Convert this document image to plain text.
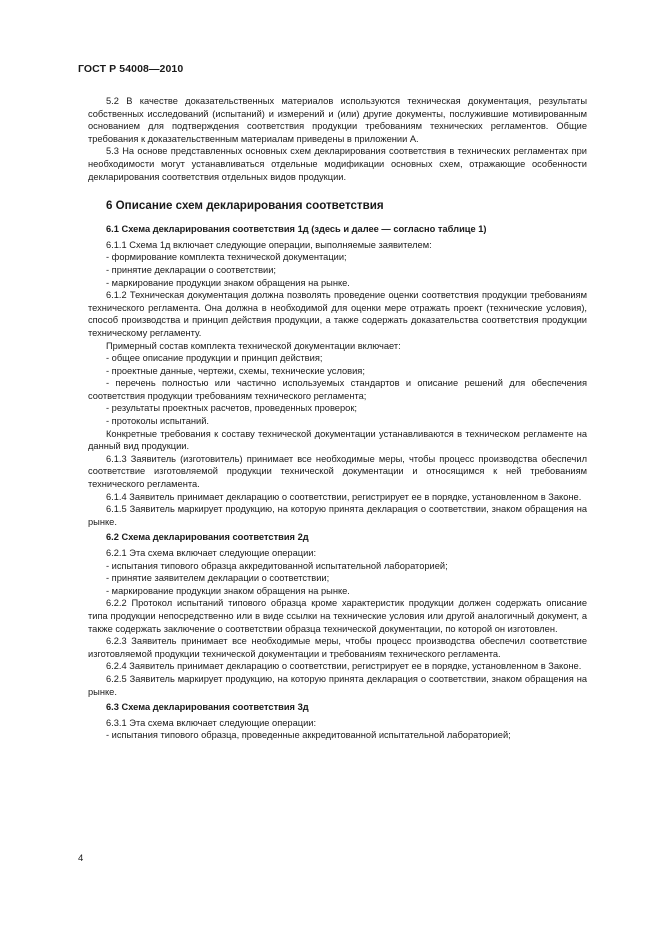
ГОСТ Р 54008—2010

5.2 В качестве доказательственных материалов используются техническая документация, результаты собственных исследований (испытаний) и измерений и (или) другие документы, послужившие мотивированным основанием для подтверждения соответствия продукции требованиям технических регламентов. Общие требования к доказательственным материалам приведены в приложении А.

5.3 На основе представленных основных схем декларирования соответствия в технических регламентах при необходимости могут устанавливаться отдельные модификации основных схем, отражающие особенности декларирования соответствия отдельных видов продукции.

6 Описание схем декларирования соответствия
6.1 Схема декларирования соответствия 1д (здесь и далее — согласно таблице 1)

6.1.1 Схема 1д включает следующие операции, выполняемые заявителем:

- формирование комплекта технической документации;

- принятие декларации о соответствии;

- маркирование продукции знаком обращения на рынке.

6.1.2 Техническая документация должна позволять проведение оценки соответствия продукции требованиям технического регламента. Она должна в необходимой для оценки мере отражать проект (технические условия), способ производства и принцип действия продукции, а также содержать доказательства соответствия продукции техническому регламенту.

Примерный состав комплекта технической документации включает:

- общее описание продукции и принцип действия;

- проектные данные, чертежи, схемы, технические условия;

- перечень полностью или частично используемых стандартов и описание решений для обеспечения соответствия продукции требованиям технического регламента;

- результаты проектных расчетов, проведенных проверок;

- протоколы испытаний.

Конкретные требования к составу технической документации устанавливаются в техническом регламенте на данный вид продукции.

6.1.3 Заявитель (изготовитель) принимает все необходимые меры, чтобы процесс производства обеспечил соответствие изготовляемой продукции технической документации и относящимся к ней требованиям технического регламента.

6.1.4 Заявитель принимает декларацию о соответствии, регистрирует ее в порядке, установленном в Законе.

6.1.5 Заявитель маркирует продукцию, на которую принята декларация о соответствии, знаком обращения на рынке.

6.2 Схема декларирования соответствия 2д

6.2.1 Эта схема включает следующие операции:

- испытания типового образца аккредитованной испытательной лабораторией;

- принятие заявителем декларации о соответствии;

- маркирование продукции знаком обращения на рынке.

6.2.2 Протокол испытаний типового образца кроме характеристик продукции должен содержать описание типа продукции непосредственно или в виде ссылки на технические условия или другой аналогичный документ, а также содержать заключение о соответствии образца технической документации, по которой он изготовлен.

6.2.3 Заявитель принимает все необходимые меры, чтобы процесс производства обеспечил соответствие изготовляемой продукции технической документации и требованиям технического регламента.

6.2.4 Заявитель принимает декларацию о соответствии, регистрирует ее в порядке, установленном в Законе.

6.2.5 Заявитель маркирует продукцию, на которую принята декларация о соответствии, знаком обращения на рынке.

6.3 Схема декларирования соответствия 3д

6.3.1 Эта схема включает следующие операции:

- испытания типового образца, проведенные аккредитованной испытательной лабораторией;

4
